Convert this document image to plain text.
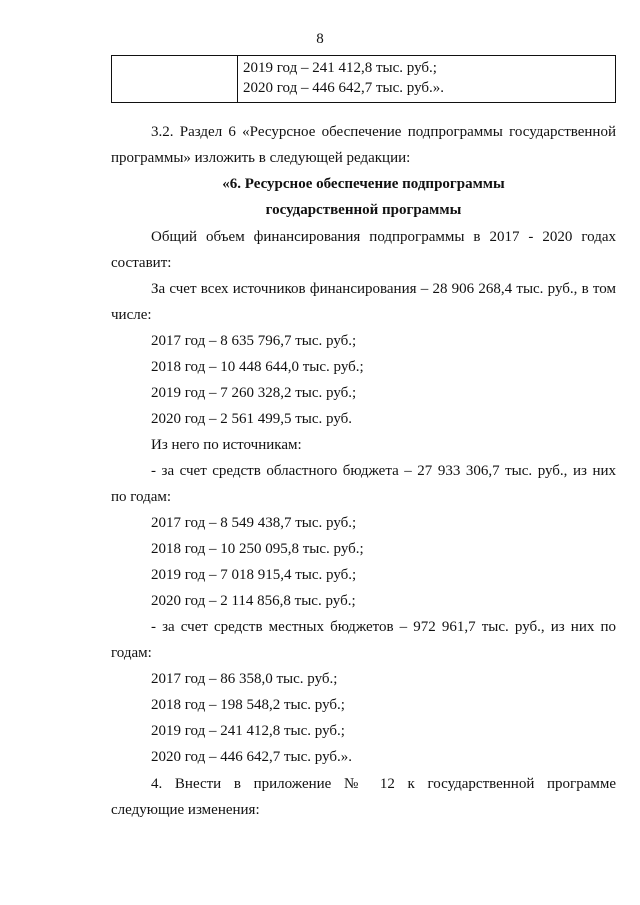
8

2019 год – 241 412,8 тыс. руб.;
2020 год – 446 642,7 тыс. руб.».
3.2. Раздел 6 «Ресурсное обеспечение подпрограммы государственной
программы» изложить в следующей редакции:
«6. Ресурсное обеспечение подпрограммы
государственной программы
Общий объем финансирования подпрограммы в 2017 - 2020 годах
составит:
За счет всех источников финансирования – 28 906 268,4 тыс. руб., в том
числе:
2017 год – 8 635 796,7 тыс. руб.;
2018 год – 10 448 644,0 тыс. руб.;
2019 год – 7 260 328,2 тыс. руб.;
2020 год – 2 561 499,5 тыс. руб.
Из него по источникам:
- за счет средств областного бюджета – 27 933 306,7 тыс. руб., из них
по годам:
2017 год – 8 549 438,7 тыс. руб.;
2018 год – 10 250 095,8 тыс. руб.;
2019 год – 7 018 915,4 тыс. руб.;
2020 год – 2 114 856,8 тыс. руб.;
- за счет средств местных бюджетов – 972 961,7 тыс. руб., из них по
годам:
2017 год – 86 358,0 тыс. руб.;
2018 год – 198 548,2 тыс. руб.;
2019 год – 241 412,8 тыс. руб.;
2020 год – 446 642,7 тыс. руб.».
4. Внести в приложение № 12 к государственной программе
следующие изменения:
